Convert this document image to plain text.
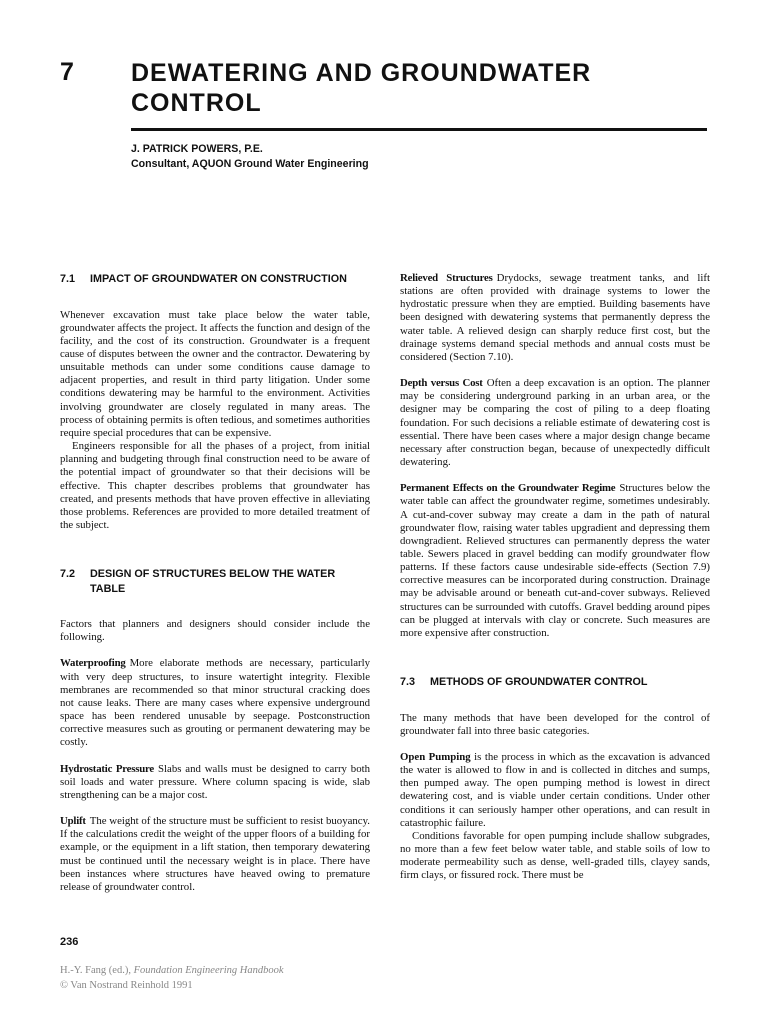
7 DEWATERING AND GROUNDWATER CONTROL
J. PATRICK POWERS, P.E.
Consultant, AQUON Ground Water Engineering
7.1	IMPACT OF GROUNDWATER ON CONSTRUCTION

Whenever excavation must take place below the water table, groundwater affects the project. It affects the function and design of the facility, and the cost of its construction. Groundwater is a frequent cause of disputes between the owner and the contractor. Dewatering by unsuitable methods can under some conditions cause damage to adjacent properties, and result in third party litigation. Under some conditions dewatering may be harmful to the environment. Activities involving groundwater are closely regulated in many areas. The process of obtaining permits is often tedious, and sometimes authorities require special procedures that can be expensive.

Engineers responsible for all the phases of a project, from initial planning and budgeting through final construction need to be aware of the potential impact of groundwater so that their decisions will be effective. This chapter describes problems that groundwater has created, and presents methods that have proven effective in alleviating those problems. References are provided to more detailed treatment of the subject.

7.2	DESIGN OF STRUCTURES BELOW THE WATER TABLE

Factors that planners and designers should consider include the following.

Waterproofing More elaborate methods are necessary, particularly with very deep structures, to insure watertight integrity. Flexible membranes are recommended so that minor structural cracking does not cause leaks. There are many cases where expensive underground space has been rendered unusable by seepage. Postconstruction corrective measures such as grouting or permanent dewatering may be costly.

Hydrostatic Pressure Slabs and walls must be designed to carry both soil loads and water pressure. Where column spacing is wide, slab strengthening can be a major cost.

Uplift The weight of the structure must be sufficient to resist buoyancy. If the calculations credit the weight of the upper floors of a building for example, or the equipment in a lift station, then temporary dewatering must be continued until the necessary weight is in place. There have been instances where structures have heaved owing to premature release of groundwater control.

Relieved Structures Drydocks, sewage treatment tanks, and lift stations are often provided with drainage systems to lower the hydrostatic pressure when they are emptied. Building basements have been designed with dewatering systems that permanently depress the water table. A relieved design can sharply reduce first cost, but the drainage systems demand special methods and annual costs must be considered (Section 7.10).

Depth versus Cost Often a deep excavation is an option. The planner may be considering underground parking in an urban area, or the designer may be comparing the cost of piling to a deep floating foundation. For such decisions a reliable estimate of dewatering cost is essential. There have been cases where a major design change became necessary after construction began, because of unexpectedly difficult dewatering.

Permanent Effects on the Groundwater Regime Structures below the water table can affect the groundwater regime, sometimes undesirably. A cut-and-cover subway may create a dam in the path of natural groundwater flow, raising water tables upgradient and depressing them downgradient. Relieved structures can permanently depress the water table. Sewers placed in gravel bedding can modify groundwater flow patterns. If these factors cause undesirable side-effects (Section 7.9) corrective measures can be incorporated during construction. Drainage may be advisable around or beneath cut-and-cover subways. Relieved structures can be surrounded with cutoffs. Gravel bedding around pipes can be plugged at intervals with clay or concrete. Such measures are more expensive after construction.

7.3	METHODS OF GROUNDWATER CONTROL

The many methods that have been developed for the control of groundwater fall into three basic categories.

Open Pumping is the process in which as the excavation is advanced the water is allowed to flow in and is collected in ditches and sumps, then pumped away. The open pumping method is lowest in direct dewatering cost, and is viable under certain conditions. Under other conditions it can seriously hamper other operations, and can result in catastrophic failure.

Conditions favorable for open pumping include shallow subgrades, no more than a few feet below water table, and stable soils of low to moderate permeability such as dense, well-graded tills, clayey sands, firm clays, or fissured rock. There must be

236
H.-Y. Fang (ed.), Foundation Engineering Handbook
© Van Nostrand Reinhold 1991
